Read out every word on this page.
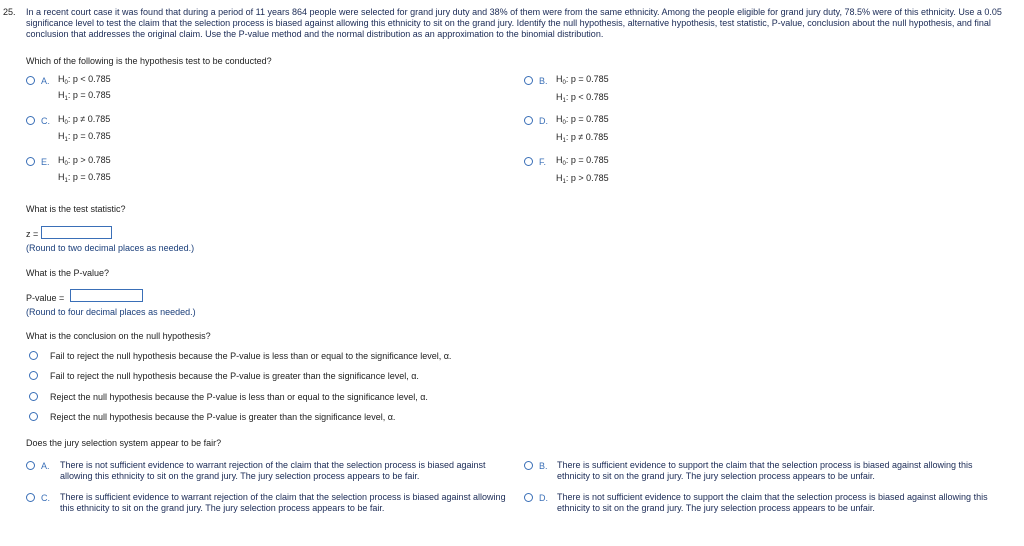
25. In a recent court case it was found that during a period of 11 years 864 people were selected for grand jury duty and 38% of them were from the same ethnicity. Among the people eligible for grand jury duty, 78.5% were of this ethnicity. Use a 0.05 significance level to test the claim that the selection process is biased against allowing this ethnicity to sit on the grand jury. Identify the null hypothesis, alternative hypothesis, test statistic, P-value, conclusion about the null hypothesis, and final conclusion that addresses the original claim. Use the P-value method and the normal distribution as an approximation to the binomial distribution.
Which of the following is the hypothesis test to be conducted?
A. $H_0$: p < 0.785
$H_1$: p = 0.785
B. $H_0$: p = 0.785
$H_1$: p < 0.785
C. $H_0$: p ≠ 0.785
$H_1$: p = 0.785
D. $H_0$: p = 0.785
$H_1$: p ≠ 0.785
E. $H_0$: p > 0.785
$H_1$: p = 0.785
F. $H_0$: p = 0.785
$H_1$: p > 0.785
What is the test statistic?
z =
(Round to two decimal places as needed.)
What is the P-value?
P-value =
(Round to four decimal places as needed.)
What is the conclusion on the null hypothesis?
Fail to reject the null hypothesis because the P-value is less than or equal to the significance level, α.
Fail to reject the null hypothesis because the P-value is greater than the significance level, α.
Reject the null hypothesis because the P-value is less than or equal to the significance level, α.
Reject the null hypothesis because the P-value is greater than the significance level, α.
Does the jury selection system appear to be fair?
A. There is not sufficient evidence to warrant rejection of the claim that the selection process is biased against allowing this ethnicity to sit on the grand jury. The jury selection process appears to be fair.
B. There is sufficient evidence to support the claim that the selection process is biased against allowing this ethnicity to sit on the grand jury. The jury selection process appears to be unfair.
C. There is sufficient evidence to warrant rejection of the claim that the selection process is biased against allowing this ethnicity to sit on the grand jury. The jury selection process appears to be fair.
D. There is not sufficient evidence to support the claim that the selection process is biased against allowing this ethnicity to sit on the grand jury. The jury selection process appears to be unfair.
